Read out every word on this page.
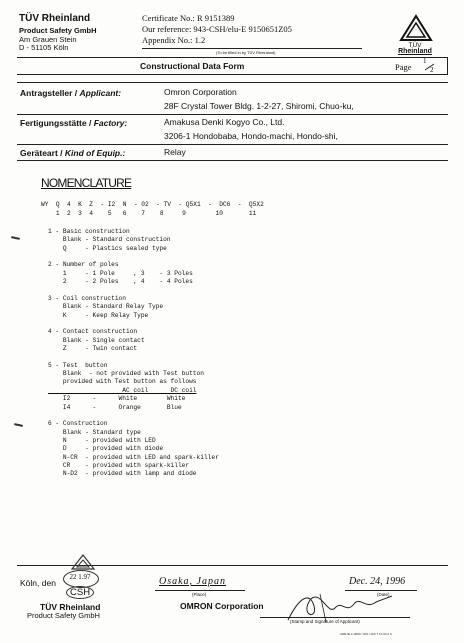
TÜV Rheinland
Product Safety GmbH
Am Grauen Stein
D - 51105 Köln
Certificate No.: R 9151389
Our reference: 943-CSH/elu-E 9150651Z05
Appendix No.: 1.2
(To be filled in by TÜV Rheinland)
TÜV
Rheinland
Constructional Data Form	Page
1
2
Antragsteller / Applicant:	Omron Corporation
28F Crystal Tower Bldg. 1-2-27, Shiromi, Chuo-ku,
Fertigungsstätte / Factory:	Amakusa Denki Kogyo Co., Ltd.
3206-1 Hondobaba, Hondo-machi, Hondo-shi,
Geräteart / Kind of Equip.:	Relay
NOMENCLATURE
WY  Q  4  K  Z  - I2  N  - 02  - TV  - Q5X1  -  DC6  -  Q5X2
1  2  3  4    5   6    7    8     9        10       11
1 - Basic construction
Blank - Standard construction
Q     - Plastics sealed type
2 - Number of poles
1     - 1 Pole     , 3    - 3 Poles
2     - 2 Poles    , 4    - 4 Poles
3 - Coil construction
Blank - Standard Relay Type
K     - Keep Relay Type
4 - Contact construction
Blank - Single contact
Z     - Twin contact
5 - Test  button
Blank  - not provided with Test button
provided with Test button as follows
AC coil      DC coil
I2      -      White        White
I4      -      Orange       Blue
6 - Construction
Blank - Standard type
N     - provided with LED
D     - provided with diode
N-CR  - provided with LED and spark-killer
CR    - provided with spark-killer
N-D2  - provided with lamp and diode
Köln, den
22 1.97
CSH
TÜV Rheinland
Product Safety GmbH
Osaka, Japan
(Place)
Dec. 24, 1996
(Date)
OMRON Corporation
(Stamp and Signature of Applicant)
ARB-IE-F-0080 / 600 / 200 T 10-94 0 S
